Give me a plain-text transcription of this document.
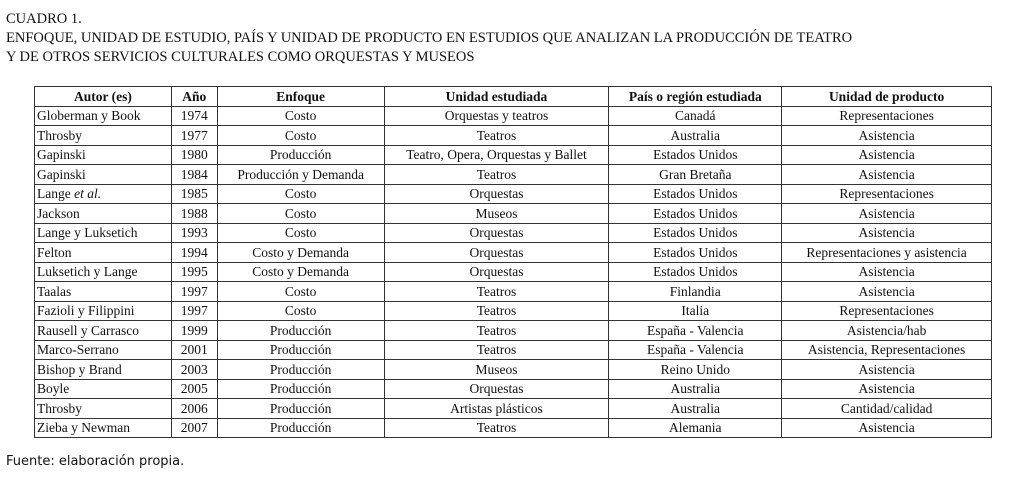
CUADRO 1.
ENFOQUE, UNIDAD DE ESTUDIO, PAÍS Y UNIDAD DE PRODUCTO EN ESTUDIOS QUE ANALIZAN LA PRODUCCIÓN DE TEATRO
Y DE OTROS SERVICIOS CULTURALES COMO ORQUESTAS Y MUSEOS
Autor (es)	Año	Enfoque	Unidad estudiada	País o región estudiada	Unidad de producto
Globerman y Book	1974	Costo	Orquestas y teatros	Canadá	Representaciones
Throsby	1977	Costo	Teatros	Australia	Asistencia
Gapinski	1980	Producción	Teatro, Opera, Orquestas y Ballet	Estados Unidos	Asistencia
Gapinski	1984	Producción y Demanda	Teatros	Gran Bretaña	Asistencia
Lange et al.	1985	Costo	Orquestas	Estados Unidos	Representaciones
Jackson	1988	Costo	Museos	Estados Unidos	Asistencia
Lange y Luksetich	1993	Costo	Orquestas	Estados Unidos	Asistencia
Felton	1994	Costo y Demanda	Orquestas	Estados Unidos	Representaciones y asistencia
Luksetich y Lange	1995	Costo y Demanda	Orquestas	Estados Unidos	Asistencia
Taalas	1997	Costo	Teatros	Finlandia	Asistencia
Fazioli y Filippini	1997	Costo	Teatros	Italia	Representaciones
Rausell y Carrasco	1999	Producción	Teatros	España - Valencia	Asistencia/hab
Marco-Serrano	2001	Producción	Teatros	España - Valencia	Asistencia, Representaciones
Bishop y Brand	2003	Producción	Museos	Reino Unido	Asistencia
Boyle	2005	Producción	Orquestas	Australia	Asistencia
Throsby	2006	Producción	Artistas plásticos	Australia	Cantidad/calidad
Zieba y Newman	2007	Producción	Teatros	Alemania	Asistencia
Fuente: elaboración propia.
